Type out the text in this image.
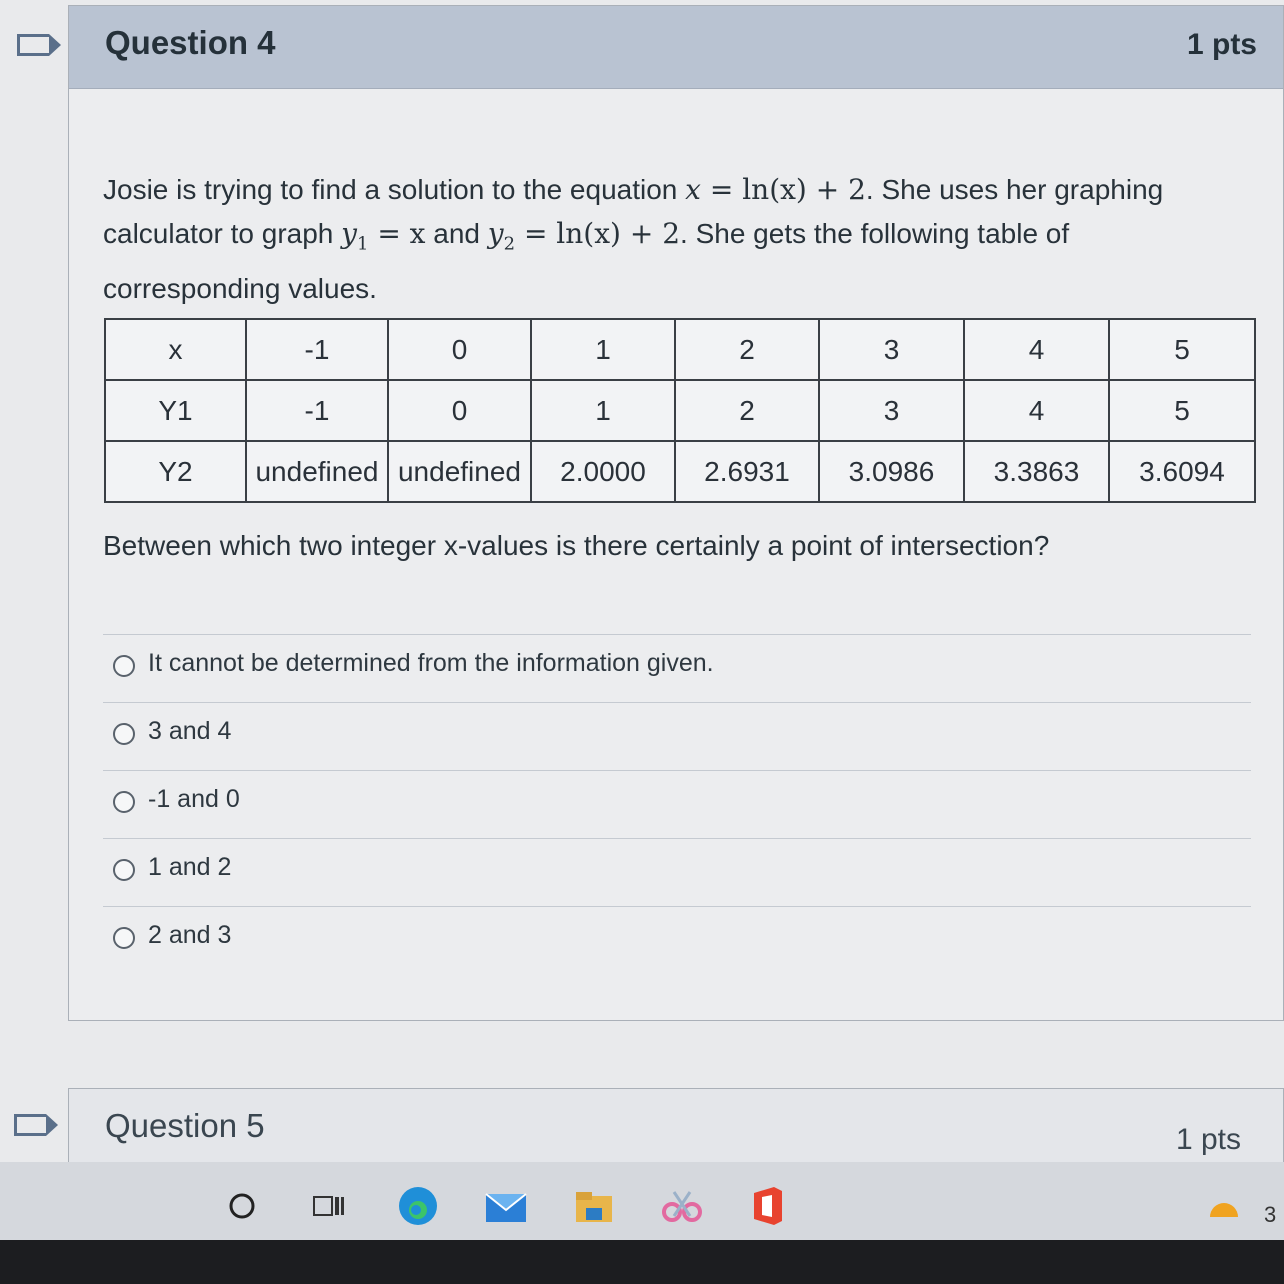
Question 4	1 pts
Josie is trying to find a solution to the equation x = ln(x) + 2. She uses her graphing calculator to graph $y_1 = x$ and $y_2 = \ln(x) + 2$. She gets the following table of corresponding values.
x	-1	0	1	2	3	4	5
Y1	-1	0	1	2	3	4	5
Y2	undefined	undefined	2.0000	2.6931	3.0986	3.3863	3.6094
Between which two integer x-values is there certainly a point of intersection?
It cannot be determined from the information given.
3 and 4
-1 and 0
1 and 2
2 and 3
Question 5	1 pts
3
